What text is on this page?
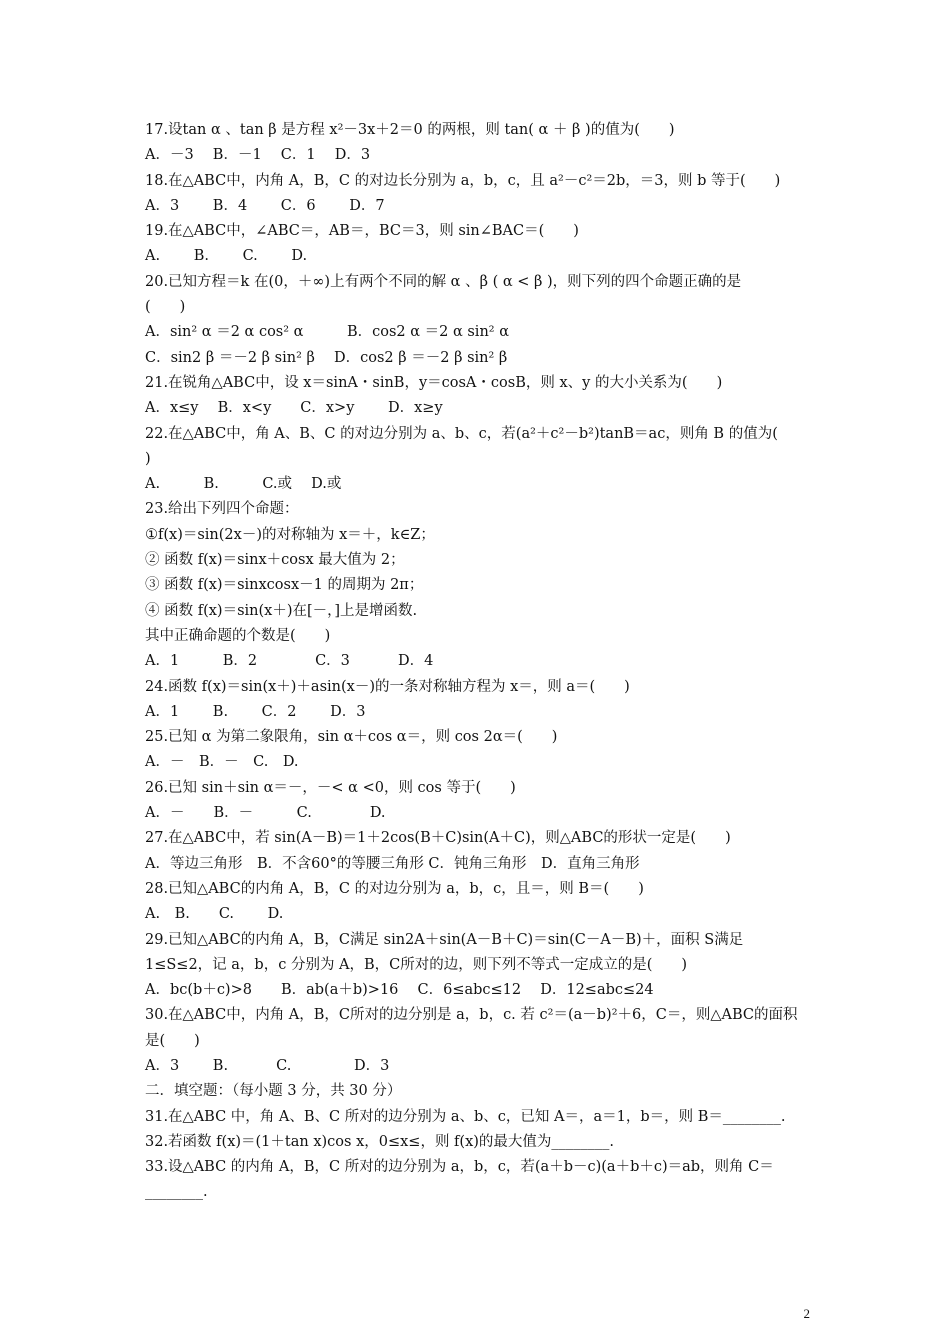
17.设tan α 、tan β 是方程 x²－3x＋2＝0 的两根，则 tan( α ＋ β )的值为(　　)
A．－3　 B．－1　 C．1　 D．3
18.在△ABC中，内角 A，B，C 的对边长分别为 a，b，c，且 a²－c²＝2b，＝3，则 b 等于(　　)
A．3　　 B．4　　 C．6　　 D．7
19.在△ABC中，∠ABC＝，AB＝，BC＝3，则 sin∠BAC＝(　　)
A.　　 B.　　 C.　　 D.
20.已知方程＝k 在(0，＋∞)上有两个不同的解 α 、β ( α < β )，则下列的四个命题正确的是
(　　)
A．sin² α ＝2 α cos² α　　　B．cos2 α ＝2 α sin² α
C．sin2 β ＝－2 β sin² β　 D．cos2 β ＝－2 β sin² β
21.在锐角△ABC中，设 x＝sinA・sinB，y＝cosA・cosB，则 x、y 的大小关系为(　　)
A．x≤y　 B．x<y　　C．x>y　　 D．x≥y
22.在△ABC中，角 A、B、C 的对边分别为 a、b、c，若(a²＋c²－b²)tanB＝ac，则角 B 的值为(
)
A.　　　B.　　　C.或　 D.或
23.给出下列四个命题：
①f(x)＝sin(2x－)的对称轴为 x＝＋，k∈Z；
② 函数 f(x)＝sinx＋cosx 最大值为 2；
③ 函数 f(x)＝sinxcosx－1 的周期为 2π；
④ 函数 f(x)＝sin(x＋)在[－，]上是增函数.
其中正确命题的个数是(　　)
A．1　　　B．2　　　　C．3　　　 D．4
24.函数 f(x)＝sin(x＋)＋asin(x－)的一条对称轴方程为 x＝，则 a＝(　　)
A．1　　 B.　　 C．2　　 D．3
25.已知 α 为第二象限角，sin α＋cos α＝，则 cos 2α＝(　　)
A．－　B．－　C.　D.
26.已知 sin＋sin α＝－，－< α <0，则 cos 等于(　　)
A．－　　B．－　　　C.　　　　D.
27.在△ABC中，若 sin(A－B)＝1＋2cos(B＋C)sin(A＋C)，则△ABC的形状一定是(　　)
A．等边三角形　B．不含60°的等腰三角形 C．钝角三角形　D．直角三角形
28.已知△ABC的内角 A，B，C 的对边分别为 a，b，c，且＝，则 B＝(　　)
A.　B.　　C.　　 D.
29.已知△ABC的内角 A，B，C满足 sin2A＋sin(A－B＋C)＝sin(C－A－B)＋，面积 S满足
1≤S≤2，记 a，b，c 分别为 A，B，C所对的边，则下列不等式一定成立的是(　　)
A．bc(b＋c)>8　　B．ab(a＋b)>16　 C．6≤abc≤12　 D．12≤abc≤24
30.在△ABC中，内角 A，B，C所对的边分别是 a，b，c. 若 c²＝(a－b)²＋6，C＝，则△ABC的面积
是(　　)
A．3　　 B.　　　 C.　　　　 D．3
二．填空题：（每小题 3 分，共 30 分）
31.在△ABC 中，角 A、B、C 所对的边分别为 a、b、c，已知 A＝，a＝1，b＝，则 B＝________.
32.若函数 f(x)＝(1＋tan x)cos x，0≤x≤，则 f(x)的最大值为________.
33.设△ABC 的内角 A，B，C 所对的边分别为 a，b，c，若(a＋b－c)(a＋b＋c)＝ab，则角 C＝
________.
2
